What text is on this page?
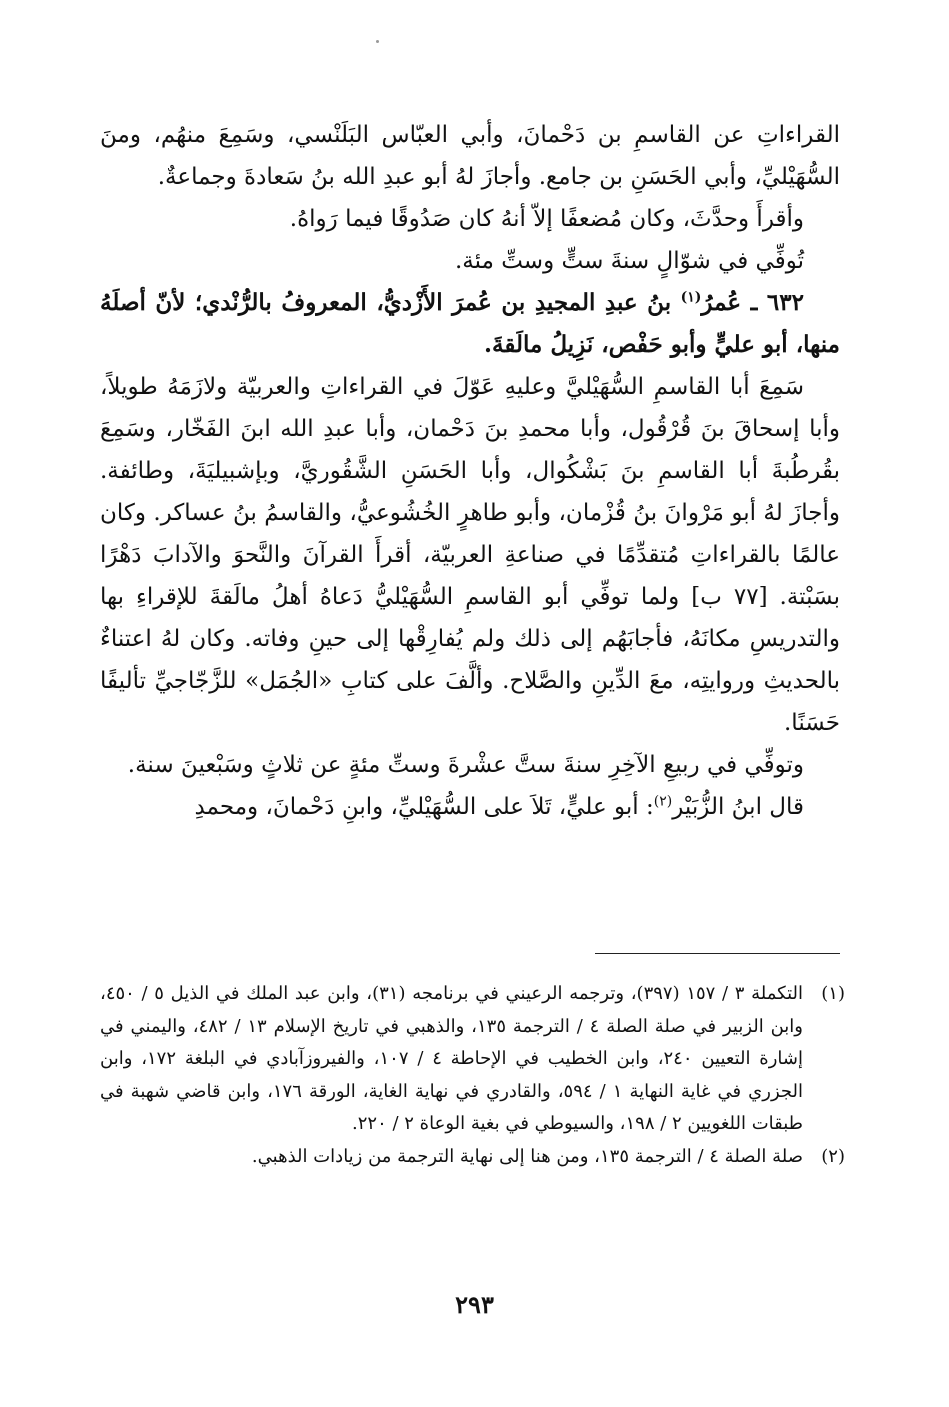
القراءاتِ عن القاسمِ بن دَحْمانَ، وأبي العبّاس البَلَنْسي، وسَمِعَ منهُم، ومنَ السُّهَيْليِّ، وأبي الحَسَنِ بن جامع. وأجازَ لهُ أبو عبدِ الله بنُ سَعادةَ وجماعةٌ.

وأقرأَ وحدَّثَ، وكان مُضعفًا إلاّ أنهُ كان صَدُوقًا فيما رَواهُ.

تُوفِّي في شوّالٍ سنةَ ستٍّ وستِّ مئة.

٦٣٢ ـ عُمرُ$^{(١)}$ بنُ عبدِ المجيدِ بن عُمرَ الأَزْديُّ، المعروفُ بالرُّنْدي؛ لأنّ أصلَهُ منها، أبو عليٍّ وأبو حَفْص، نَزِيلُ مالَقةَ.

سَمِعَ أبا القاسمِ السُّهَيْليَّ وعليهِ عَوّلَ في القراءاتِ والعربيّة ولازَمَهُ طويلاً، وأبا إسحاقَ بنَ قُرْقُول، وأبا محمدِ بنَ دَحْمان، وأبا عبدِ الله ابنَ الفَخّار، وسَمِعَ بقُرطُبةَ أبا القاسمِ بنَ بَشْكُوال، وأبا الحَسَنِ الشَّقُوريَّ، وبإشبيليَةَ، وطائفة. وأجازَ لهُ أبو مَرْوانَ بنُ قُزْمان، وأبو طاهرٍ الخُشُوعيُّ، والقاسمُ بنُ عساكر. وكان عالمًا بالقراءاتِ مُتقدِّمًا في صناعةِ العربيّة، أقرأَ القرآنَ والنَّحوَ والآدابَ دَهْرًا بسَبْتة. [٧٧ ب] ولما توفِّي أبو القاسمِ السُّهَيْليُّ دَعاهُ أهلُ مالَقةَ للإقراءِ بها والتدريسِ مكانَهُ، فأجابَهُم إلى ذلك ولم يُفارِقْها إلى حينِ وفاته. وكان لهُ اعتناءٌ بالحديثِ وروايتِه، معَ الدِّينِ والصَّلاح. وألَّفَ على كتابِ «الجُمَل» للزَّجّاجيِّ تأليفًا حَسَنًا.

وتوفِّي في ربيعِ الآخِرِ سنةَ ستَّ عشْرةَ وستِّ مئةٍ عن ثلاثٍ وسَبْعينَ سنة.

قال ابنُ الزُّبَيْر$^{(٢)}$: أبو عليٍّ، تَلاَ على السُّهَيْليِّ، وابنِ دَحْمانَ، ومحمدِ

(١)
التكملة ٣ / ١٥٧ (٣٩٧)، وترجمه الرعيني في برنامجه (٣١)، وابن عبد الملك في الذيل ٥ / ٤٥٠، وابن الزبير في صلة الصلة ٤ / الترجمة ١٣٥، والذهبي في تاريخ الإسلام ١٣ / ٤٨٢، واليمني في إشارة التعيين ٢٤٠، وابن الخطيب في الإحاطة ٤ / ١٠٧، والفيروزآبادي في البلغة ١٧٢، وابن الجزري في غاية النهاية ١ / ٥٩٤، والقادري في نهاية الغاية، الورقة ١٧٦، وابن قاضي شهبة في طبقات اللغويين ٢ / ١٩٨، والسيوطي في بغية الوعاة ٢ / ٢٢٠.
(٢)
صلة الصلة ٤ / الترجمة ١٣٥، ومن هنا إلى نهاية الترجمة من زيادات الذهبي.
٢٩٣
